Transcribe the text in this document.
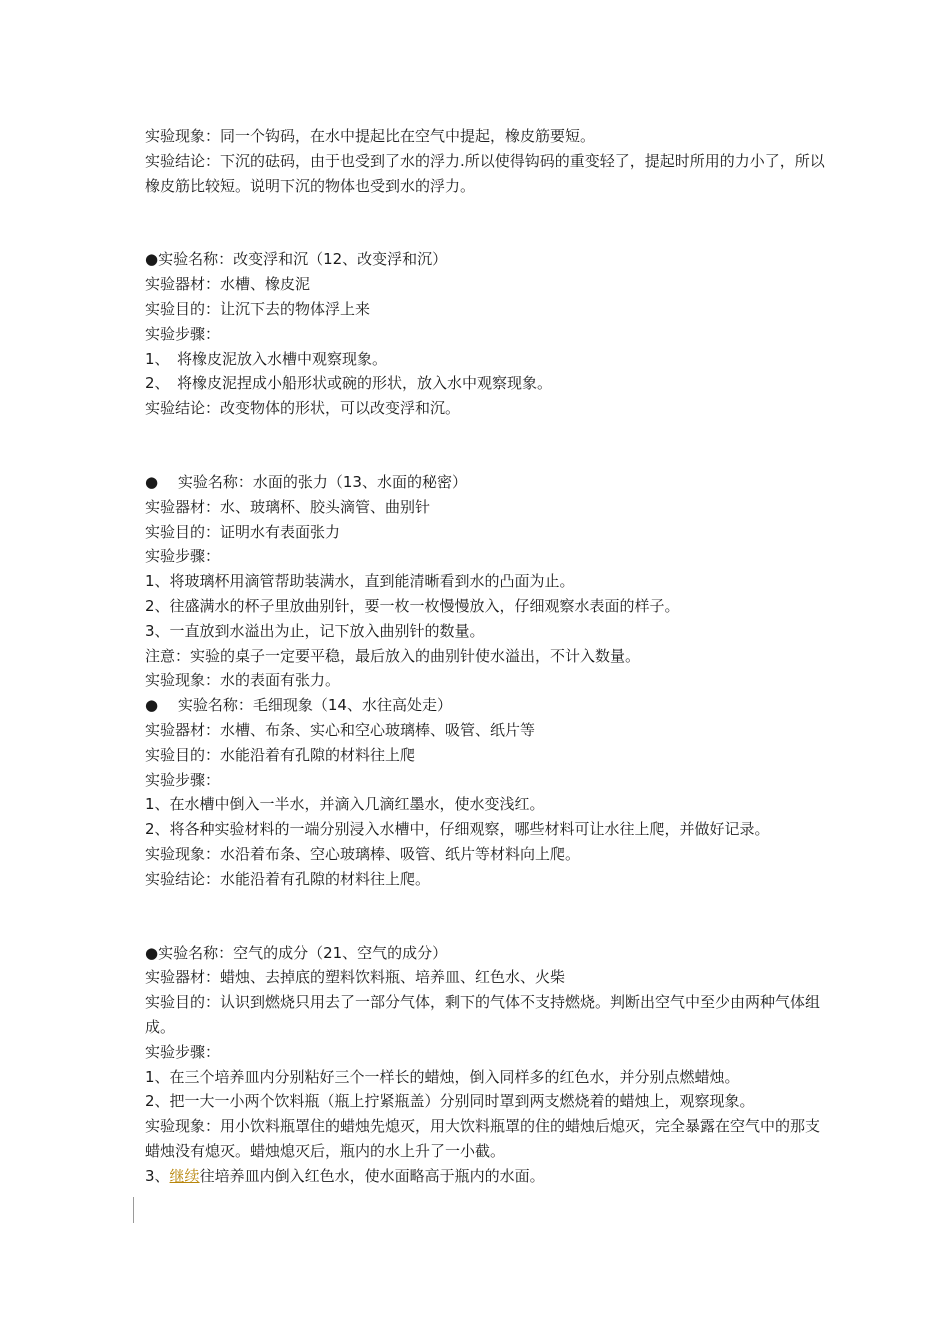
实验现象：同一个钩码，在水中提起比在空气中提起，橡皮筋要短。
实验结论：下沉的砝码，由于也受到了水的浮力.所以使得钩码的重变轻了，提起时所用的力小了，所以橡皮筋比较短。说明下沉的物体也受到水的浮力。
●实验名称：改变浮和沉（12、改变浮和沉）
实验器材：水槽、橡皮泥
实验目的：让沉下去的物体浮上来
实验步骤：
1、　将橡皮泥放入水槽中观察现象。
2、　将橡皮泥捏成小船形状或碗的形状，放入水中观察现象。
实验结论：改变物体的形状，可以改变浮和沉。
●　 实验名称：水面的张力（13、水面的秘密）
实验器材：水、玻璃杯、胶头滴管、曲别针
实验目的：证明水有表面张力
实验步骤：
1、将玻璃杯用滴管帮助装满水，直到能清晰看到水的凸面为止。
2、往盛满水的杯子里放曲别针，要一枚一枚慢慢放入，仔细观察水表面的样子。
3、一直放到水溢出为止，记下放入曲别针的数量。
注意：实验的桌子一定要平稳，最后放入的曲别针使水溢出，不计入数量。
实验现象：水的表面有张力。
●　 实验名称：毛细现象（14、水往高处走）
实验器材：水槽、布条、实心和空心玻璃棒、吸管、纸片等
实验目的：水能沿着有孔隙的材料往上爬
实验步骤：
1、在水槽中倒入一半水，并滴入几滴红墨水，使水变浅红。
2、将各种实验材料的一端分别浸入水槽中，仔细观察，哪些材料可让水往上爬，并做好记录。
实验现象：水沿着布条、空心玻璃棒、吸管、纸片等材料向上爬。
实验结论：水能沿着有孔隙的材料往上爬。
●实验名称：空气的成分（21、空气的成分）
实验器材：蜡烛、去掉底的塑料饮料瓶、培养皿、红色水、火柴
实验目的：认识到燃烧只用去了一部分气体，剩下的气体不支持燃烧。判断出空气中至少由两种气体组成。
实验步骤：
1、在三个培养皿内分别粘好三个一样长的蜡烛，倒入同样多的红色水，并分别点燃蜡烛。
2、把一大一小两个饮料瓶（瓶上拧紧瓶盖）分别同时罩到两支燃烧着的蜡烛上，观察现象。
实验现象：用小饮料瓶罩住的蜡烛先熄灭，用大饮料瓶罩的住的蜡烛后熄灭，完全暴露在空气中的那支蜡烛没有熄灭。蜡烛熄灭后，瓶内的水上升了一小截。
3、继续往培养皿内倒入红色水，使水面略高于瓶内的水面。
